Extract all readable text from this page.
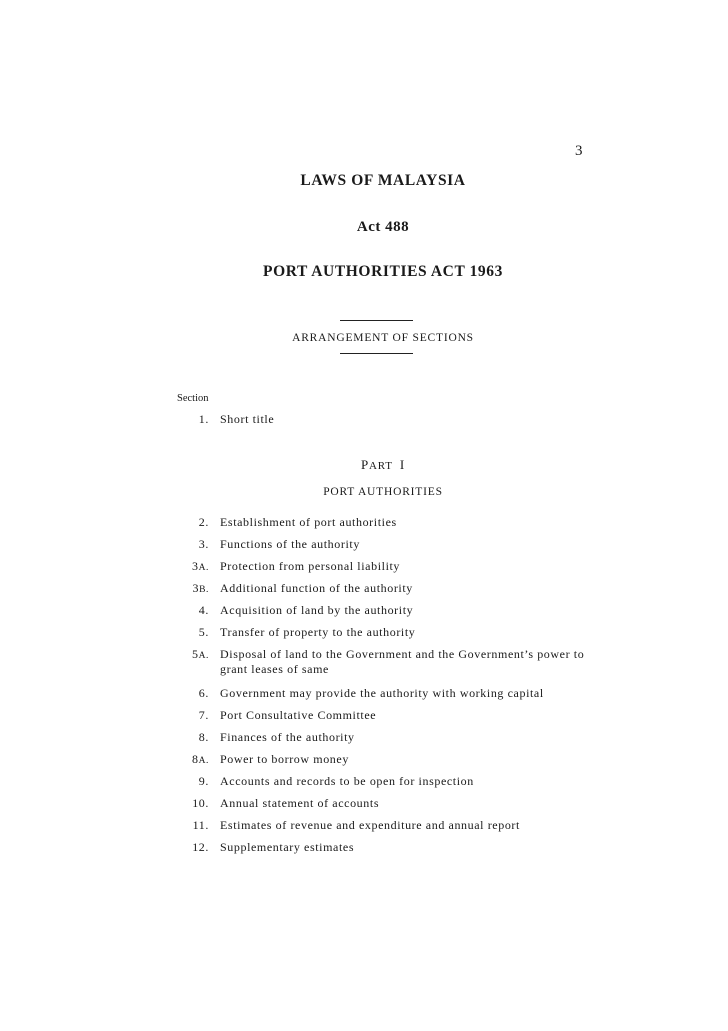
3
LAWS OF MALAYSIA
Act 488
PORT AUTHORITIES ACT 1963
ARRANGEMENT OF SECTIONS
Section
1. Short title
PART I
PORT AUTHORITIES
2. Establishment of port authorities
3. Functions of the authority
3A. Protection from personal liability
3B. Additional function of the authority
4. Acquisition of land by the authority
5. Transfer of property to the authority
5A. Disposal of land to the Government and the Government’s power to
grant leases of same
6. Government may provide the authority with working capital
7. Port Consultative Committee
8. Finances of the authority
8A. Power to borrow money
9. Accounts and records to be open for inspection
10. Annual statement of accounts
11. Estimates of revenue and expenditure and annual report
12. Supplementary estimates
